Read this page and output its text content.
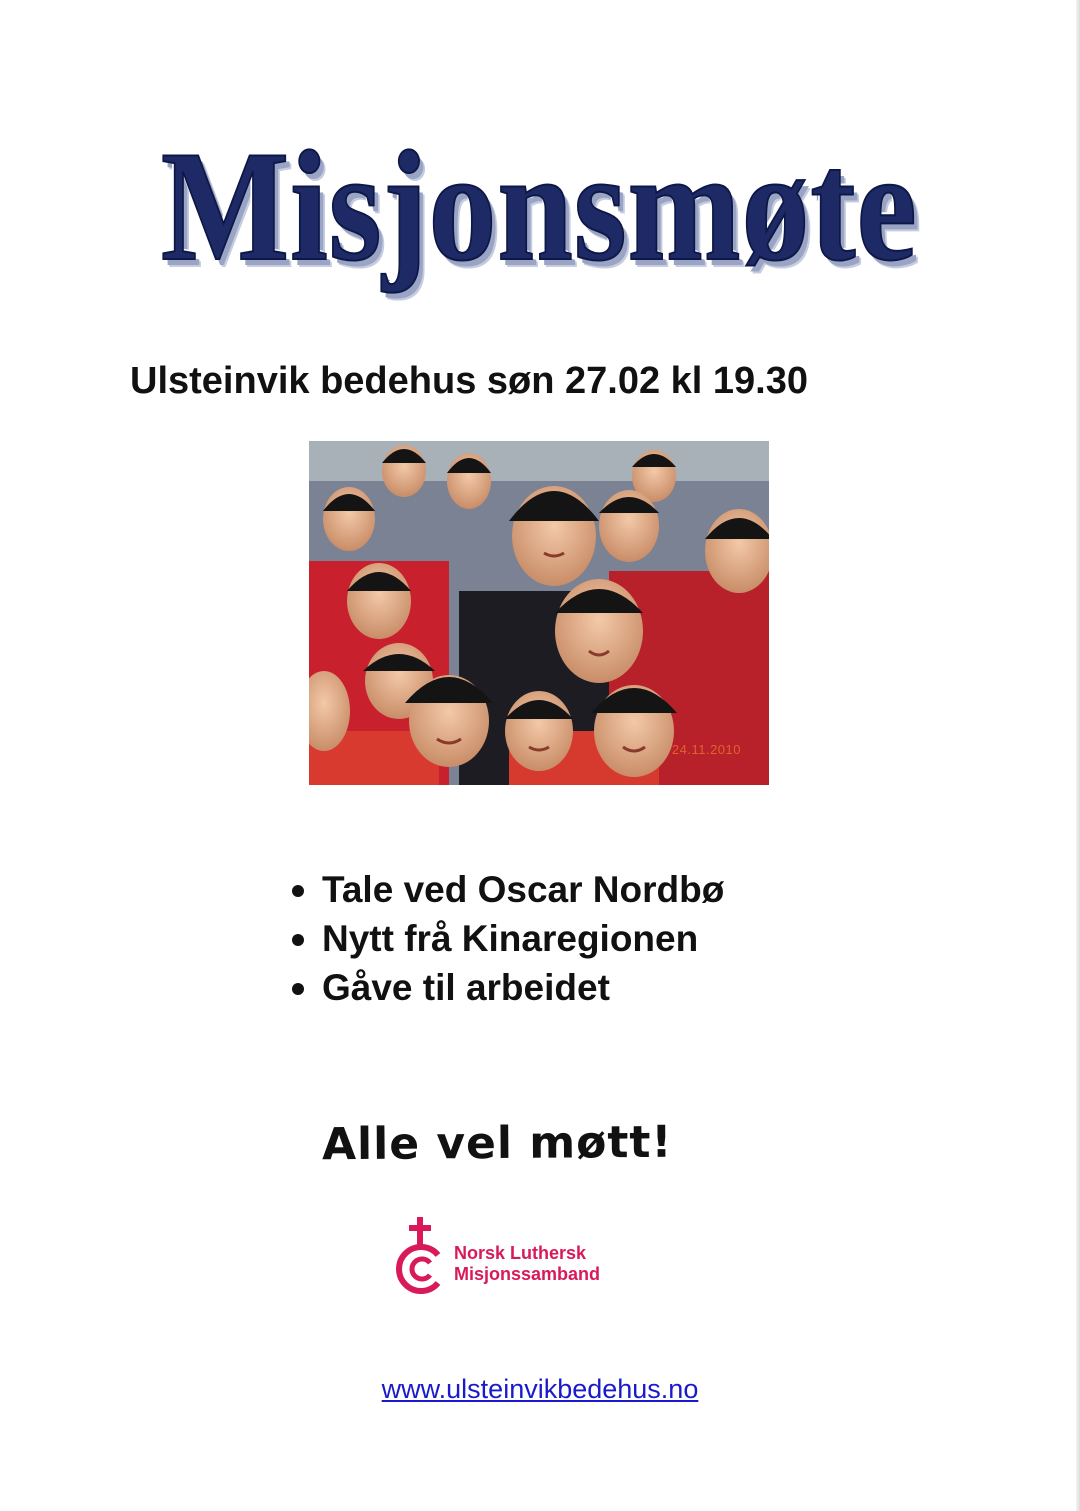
Misjonsmøte
Ulsteinvik bedehus søn 27.02 kl 19.30
24.11.2010
Tale ved Oscar Nordbø
Nytt frå Kinaregionen
Gåve til arbeidet
Alle vel møtt!
Norsk Luthersk
Misjonssamband
www.ulsteinvikbedehus.no
